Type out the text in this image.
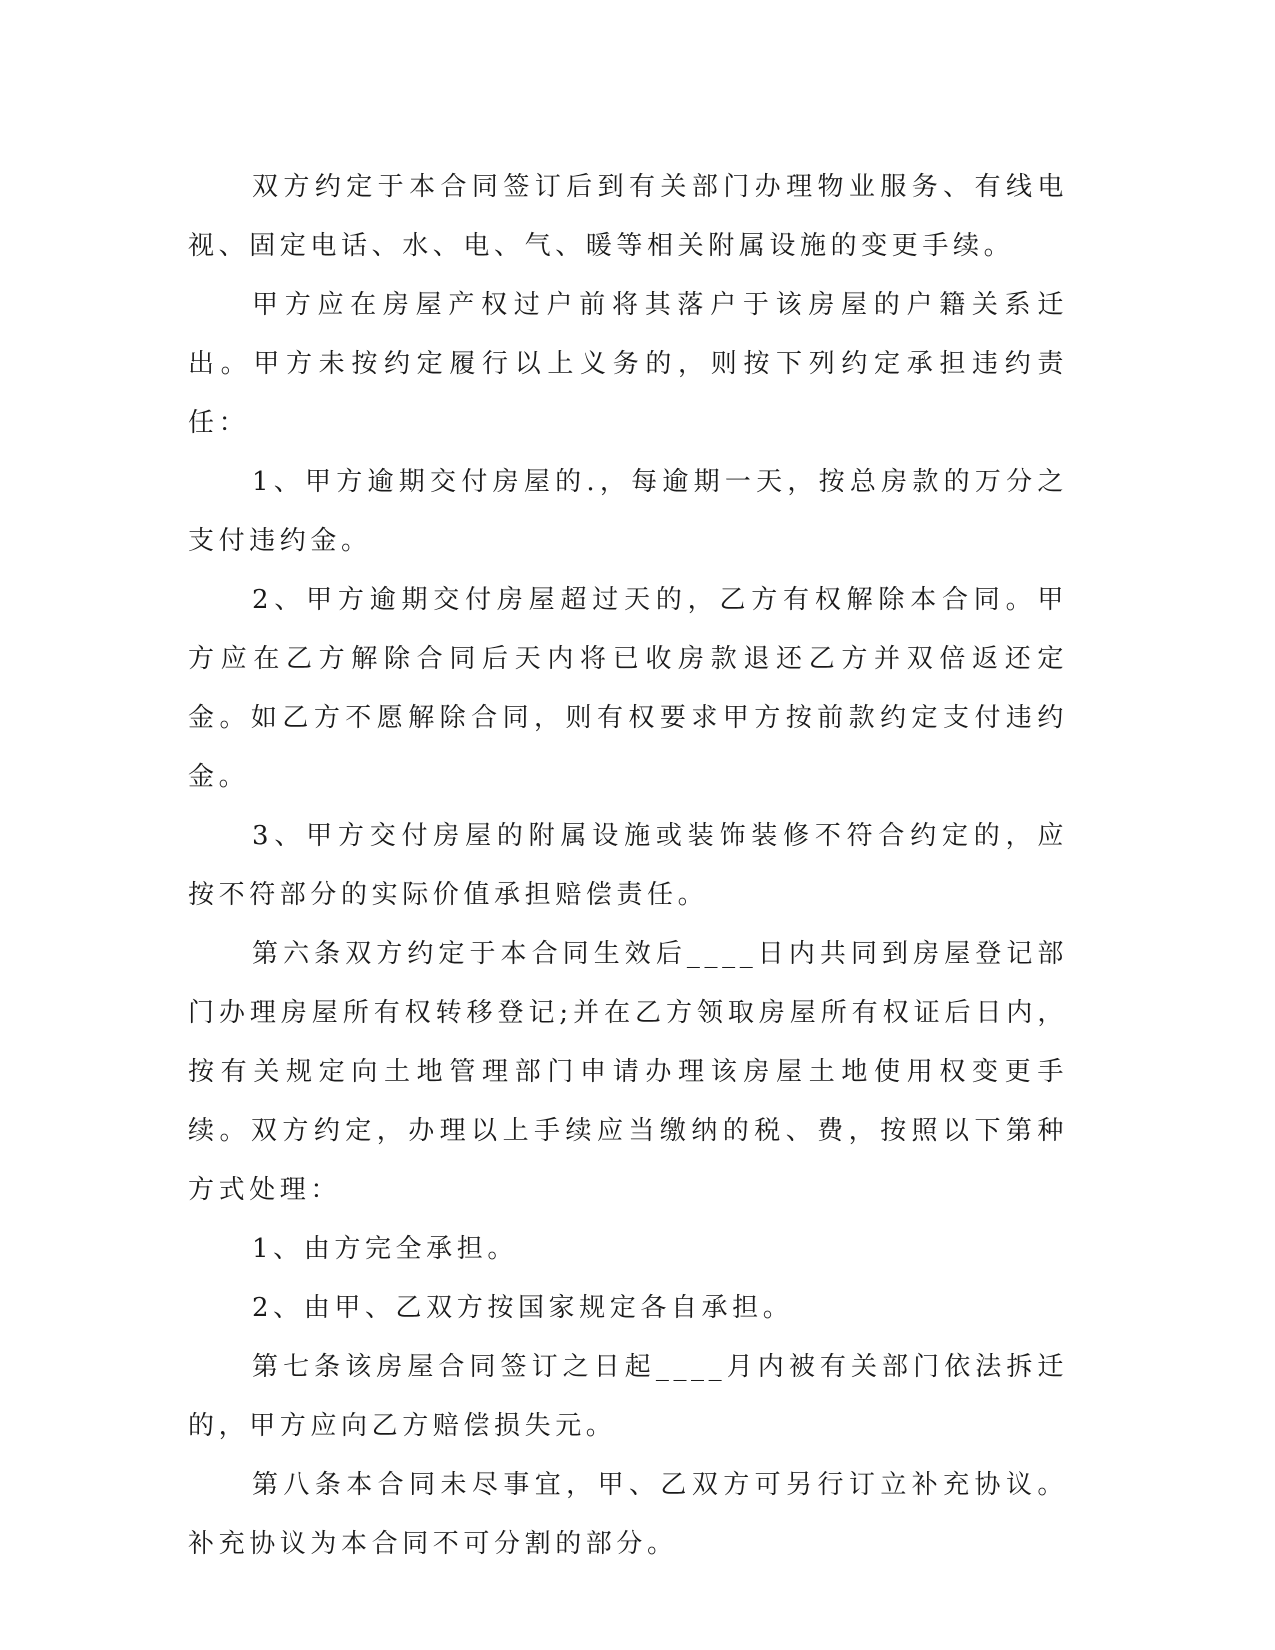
双方约定于本合同签订后到有关部门办理物业服务、有线电视、固定电话、水、电、气、暖等相关附属设施的变更手续。

甲方应在房屋产权过户前将其落户于该房屋的户籍关系迁出。甲方未按约定履行以上义务的，则按下列约定承担违约责任：

1、甲方逾期交付房屋的.，每逾期一天，按总房款的万分之支付违约金。

2、甲方逾期交付房屋超过天的，乙方有权解除本合同。甲方应在乙方解除合同后天内将已收房款退还乙方并双倍返还定金。如乙方不愿解除合同，则有权要求甲方按前款约定支付违约金。

3、甲方交付房屋的附属设施或装饰装修不符合约定的，应按不符部分的实际价值承担赔偿责任。

第六条双方约定于本合同生效后____日内共同到房屋登记部门办理房屋所有权转移登记;并在乙方领取房屋所有权证后日内，按有关规定向土地管理部门申请办理该房屋土地使用权变更手续。双方约定，办理以上手续应当缴纳的税、费，按照以下第种方式处理：

1、由方完全承担。

2、由甲、乙双方按国家规定各自承担。

第七条该房屋合同签订之日起____月内被有关部门依法拆迁的，甲方应向乙方赔偿损失元。

第八条本合同未尽事宜，甲、乙双方可另行订立补充协议。补充协议为本合同不可分割的部分。
